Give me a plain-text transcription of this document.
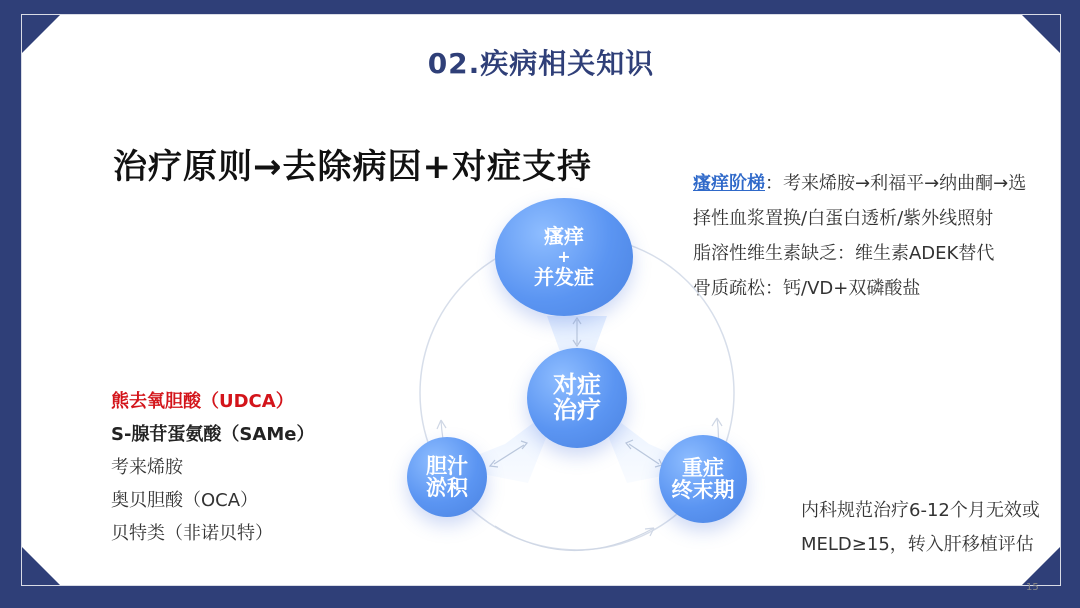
02.疾病相关知识
治疗原则→去除病因+对症支持	瘙痒阶梯：考来烯胺→利福平→纳曲酮→选
择性血浆置换/白蛋白透析/紫外线照射
脂溶性维生素缺乏：维生素ADEK替代
骨质疏松：钙/VD+双磷酸盐
熊去氧胆酸（UDCA）
S-腺苷蛋氨酸（SAMe）
考来烯胺
奥贝胆酸（OCA）
贝特类（非诺贝特）
内科规范治疗6-12个月无效或
MELD≥15，转入肝移植评估
瘙痒
+
并发症
对症
治疗
胆汁
淤积
重症
终末期
15
